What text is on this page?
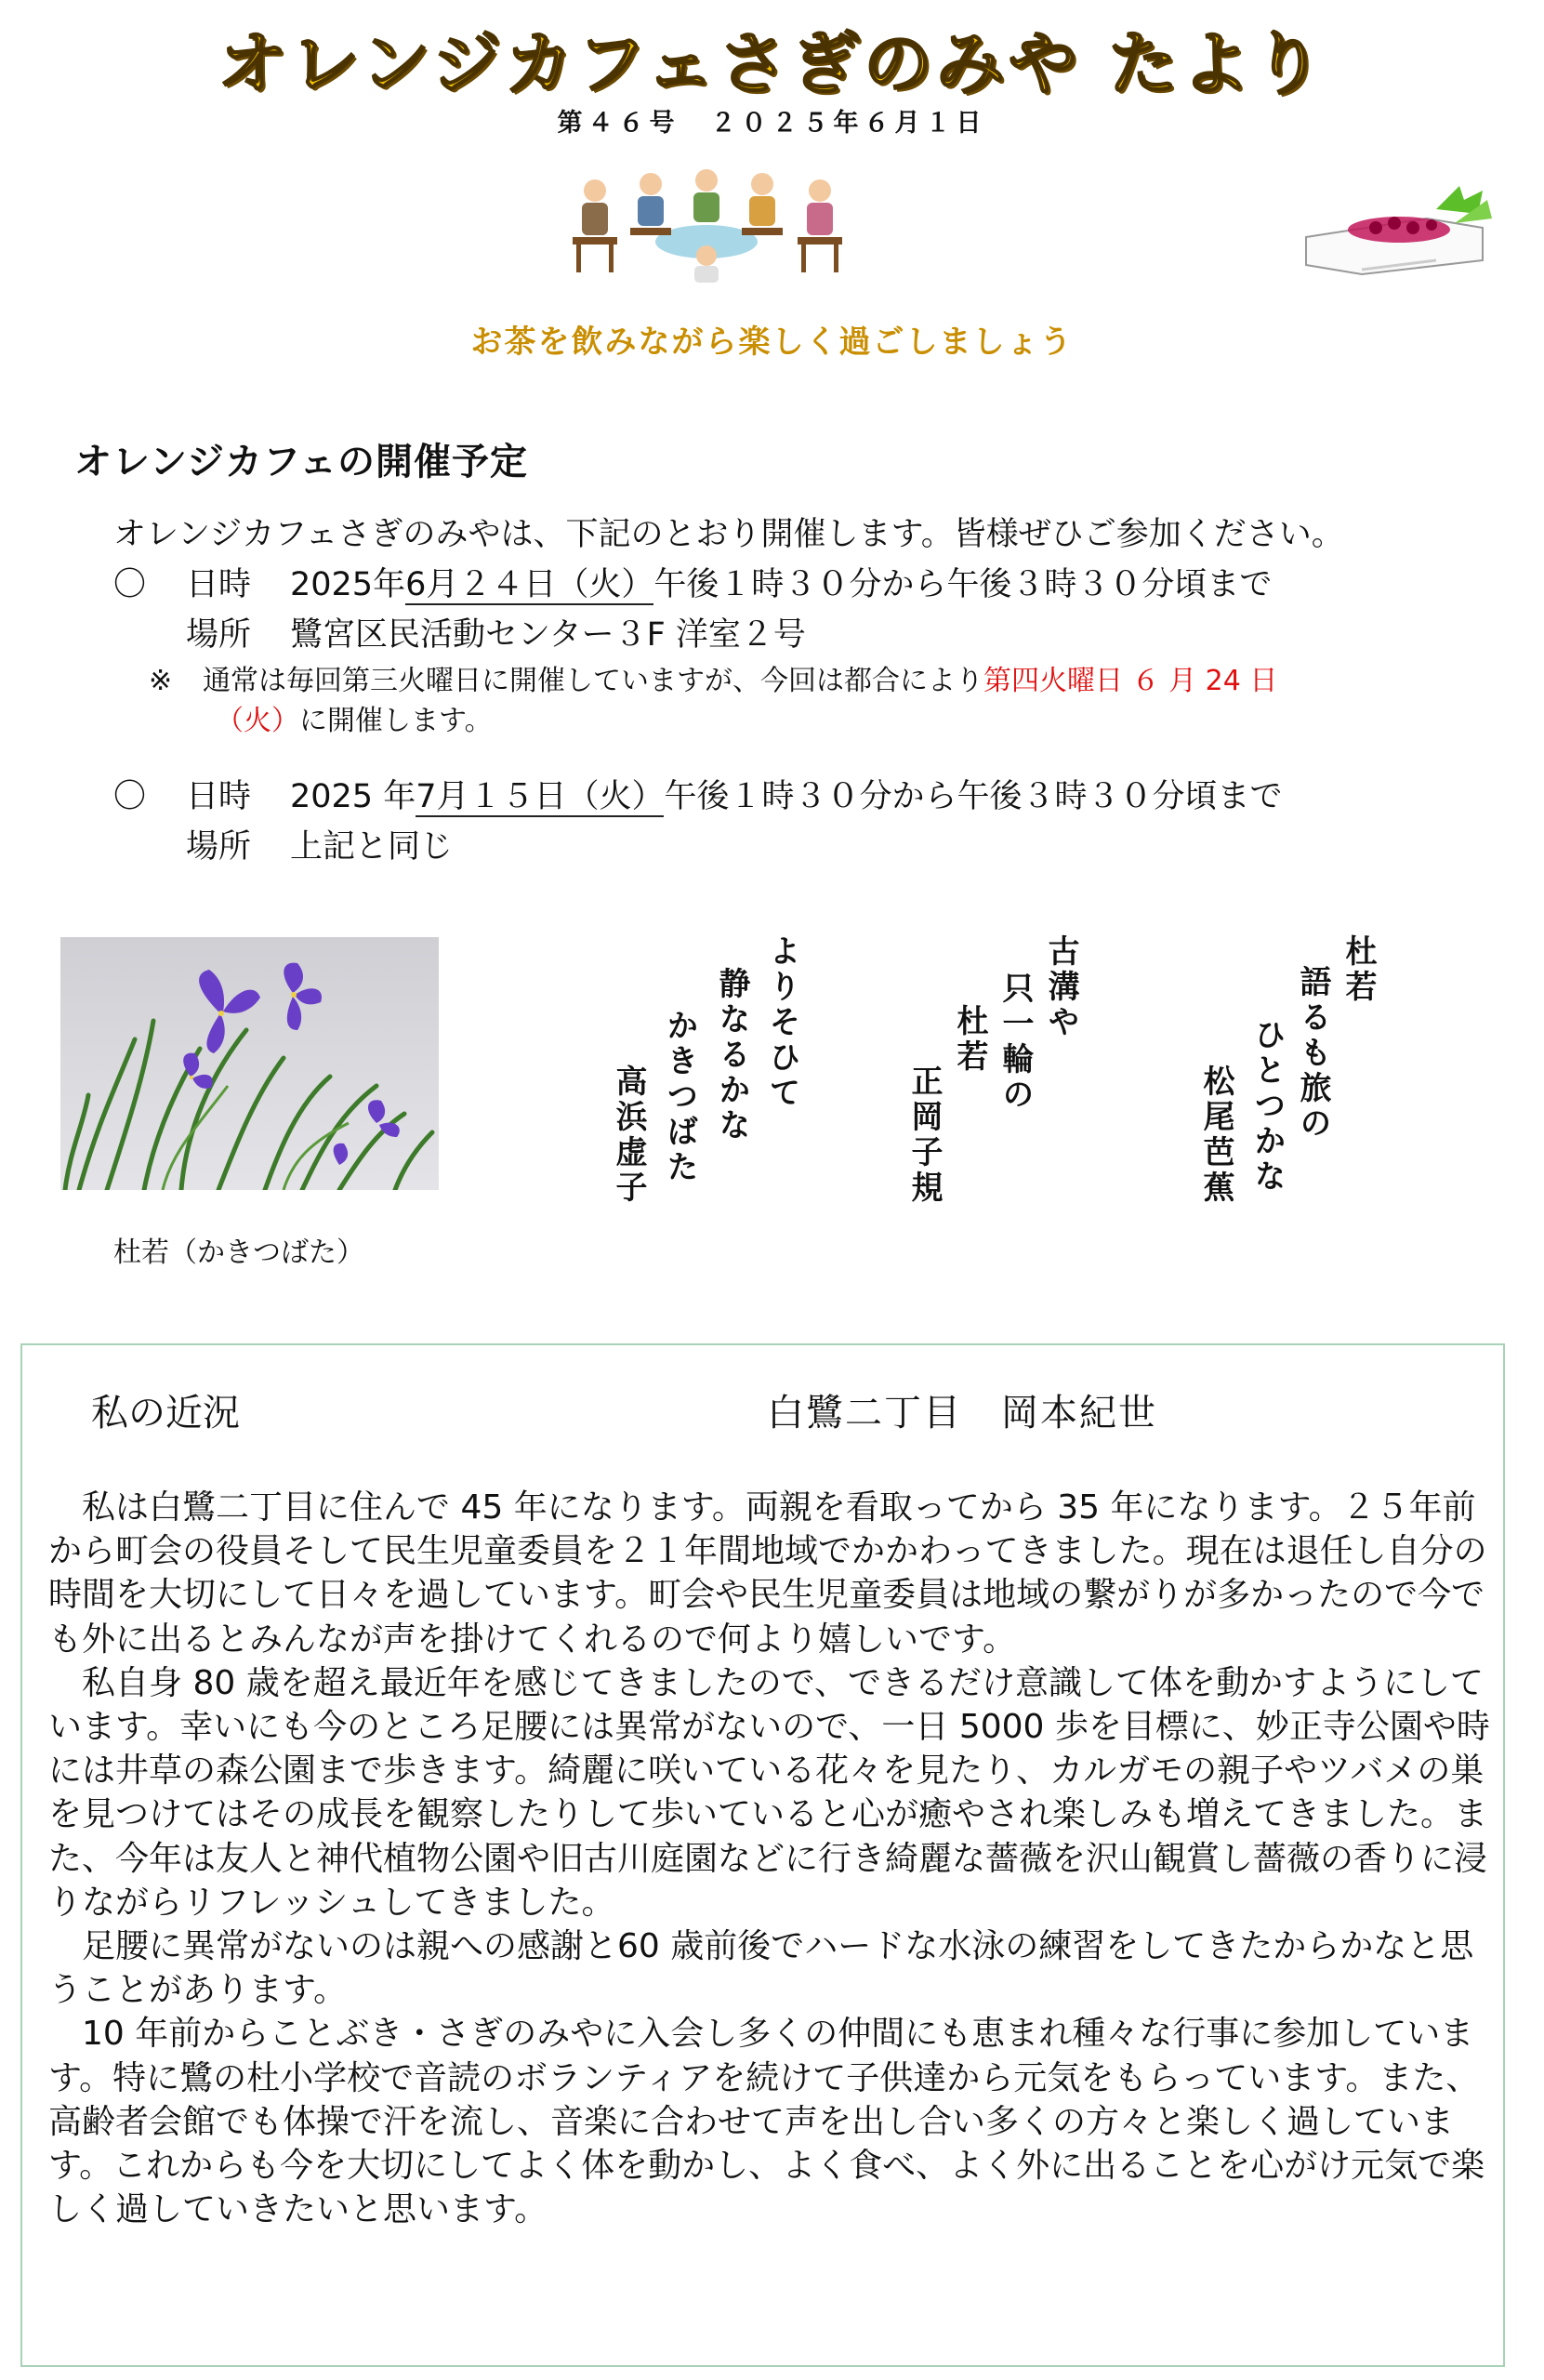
オレンジカフェさぎのみや たより
第４６号　２０２５年６月１日
お茶を飲みながら楽しく過ごしましょう
オレンジカフェの開催予定
オレンジカフェさぎのみやは、下記のとおり開催します。皆様ぜひご参加ください。
〇 日時 2025年6月２４日（火）午後１時３０分から午後３時３０分頃まで
場所 鷺宮区民活動センター３F 洋室２号
※ 通常は毎回第三火曜日に開催していますが、今回は都合により第四火曜日 ６ 月 24 日
（火）に開催します。
〇 日時 2025 年7月１５日（火）午後１時３０分から午後３時３０分頃まで
場所 上記と同じ
杜若（かきつばた）
杜若
語るも旅の
ひとつかな
松尾芭蕉
古溝や
只一輪の
杜若
正岡子規
よりそひて
静なるかな
かきつばた
高浜虚子
私の近況	白鷺二丁目　岡本紀世

私は白鷺二丁目に住んで 45 年になります。両親を看取ってから 35 年になります。２５年前から町会の役員そして民生児童委員を２１年間地域でかかわってきました。現在は退任し自分の時間を大切にして日々を過しています。町会や民生児童委員は地域の繋がりが多かったので今でも外に出るとみんなが声を掛けてくれるので何より嬉しいです。

私自身 80 歳を超え最近年を感じてきましたので、できるだけ意識して体を動かすようにしています。幸いにも今のところ足腰には異常がないので、一日 5000 歩を目標に、妙正寺公園や時には井草の森公園まで歩きます。綺麗に咲いている花々を見たり、カルガモの親子やツバメの巣を見つけてはその成長を観察したりして歩いていると心が癒やされ楽しみも増えてきました。また、今年は友人と神代植物公園や旧古川庭園などに行き綺麗な薔薇を沢山観賞し薔薇の香りに浸りながらリフレッシュしてきました。

足腰に異常がないのは親への感謝と60 歳前後でハードな水泳の練習をしてきたからかなと思うことがあります。

10 年前からことぶき・さぎのみやに入会し多くの仲間にも恵まれ種々な行事に参加しています。特に鷺の杜小学校で音読のボランティアを続けて子供達から元気をもらっています。また、高齢者会館でも体操で汗を流し、音楽に合わせて声を出し合い多くの方々と楽しく過しています。これからも今を大切にしてよく体を動かし、よく食べ、よく外に出ることを心がけ元気で楽しく過していきたいと思います。
